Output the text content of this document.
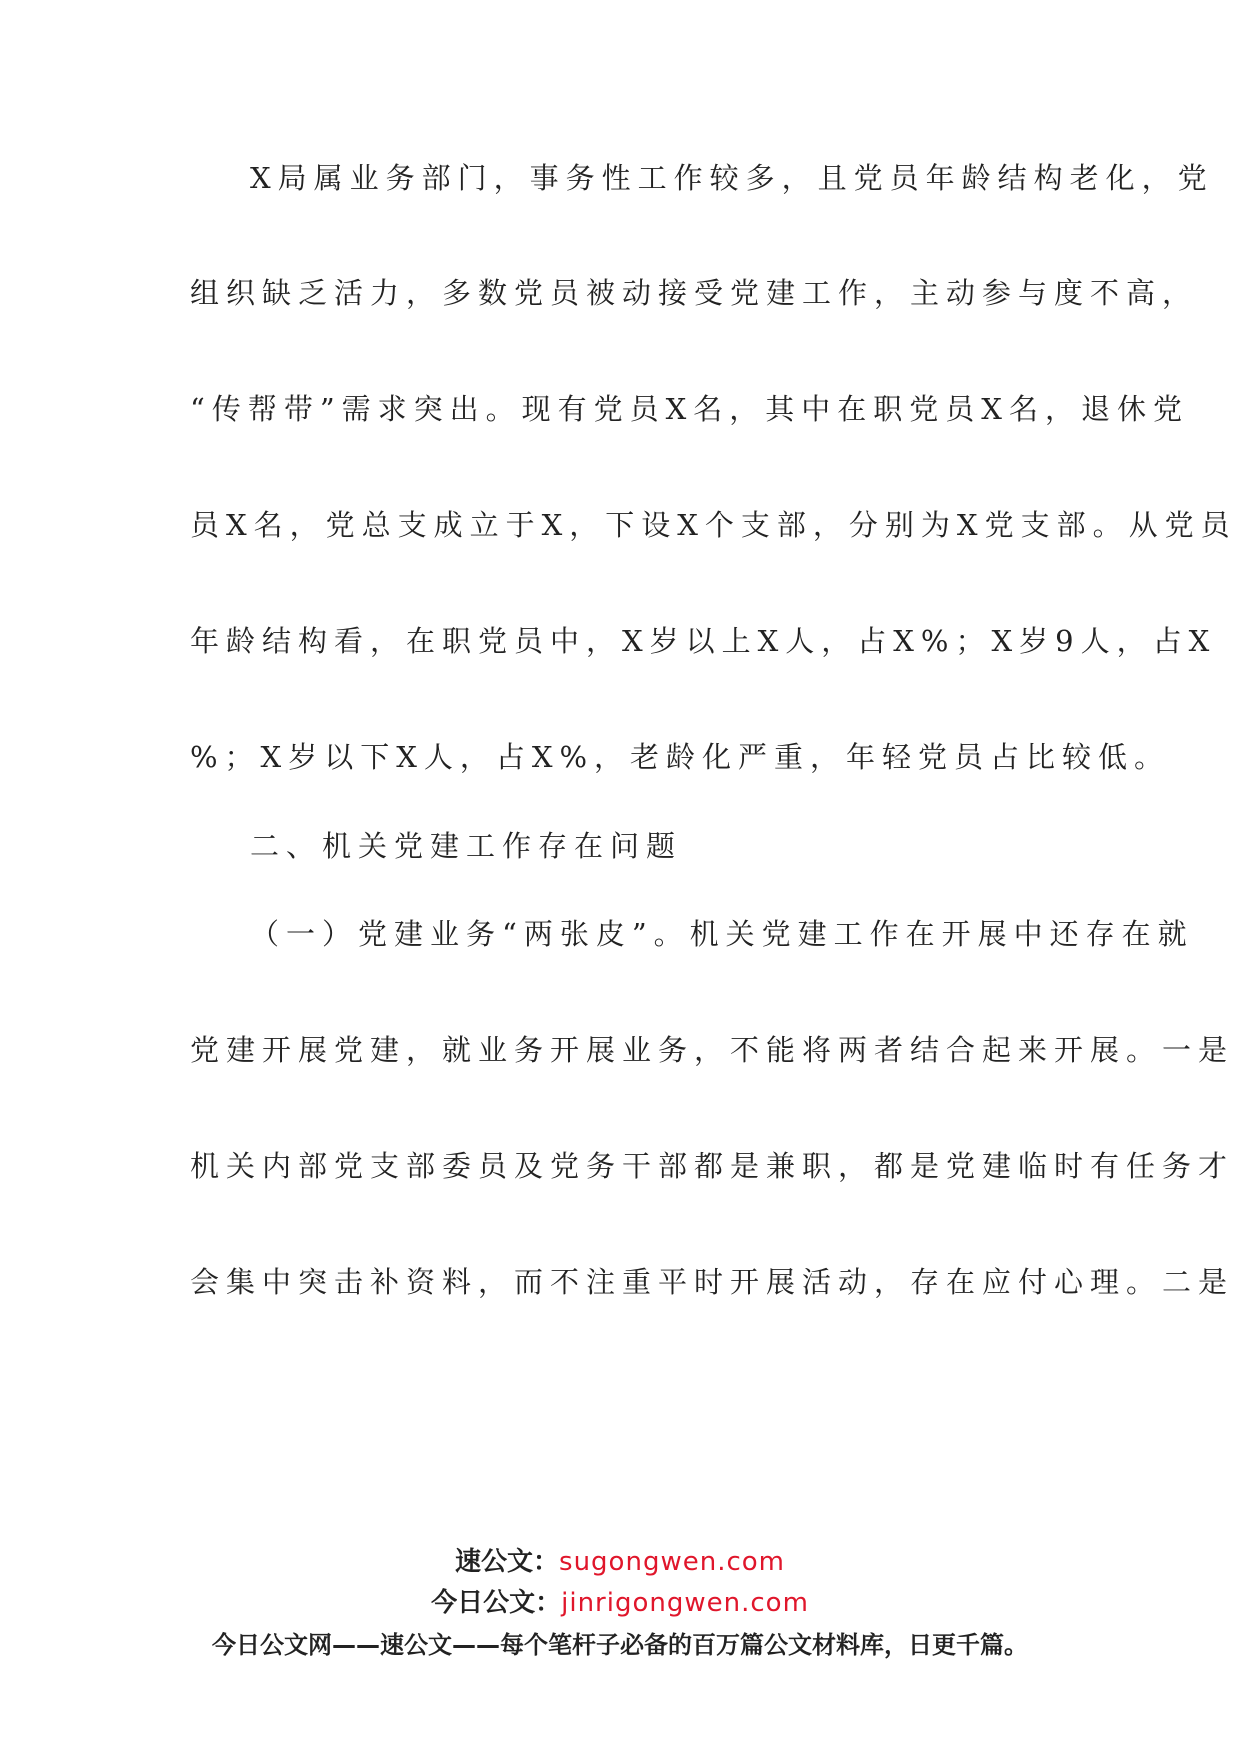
X局属业务部门，事务性工作较多，且党员年龄结构老化，党
组织缺乏活力，多数党员被动接受党建工作，主动参与度不高，
“传帮带”需求突出。现有党员X名，其中在职党员X名，退休党
员X名，党总支成立于X，下设X个支部，分别为X党支部。从党员
年龄结构看，在职党员中，X岁以上X人，占X%；X岁9人，占X
%；X岁以下X人，占X%，老龄化严重，年轻党员占比较低。
二、机关党建工作存在问题
（一）党建业务“两张皮”。机关党建工作在开展中还存在就
党建开展党建，就业务开展业务，不能将两者结合起来开展。一是
机关内部党支部委员及党务干部都是兼职，都是党建临时有任务才
会集中突击补资料，而不注重平时开展活动，存在应付心理。二是
速公文：sugongwen.com
今日公文：jinrigongwen.com
今日公文网——速公文——每个笔杆子必备的百万篇公文材料库，日更千篇。
